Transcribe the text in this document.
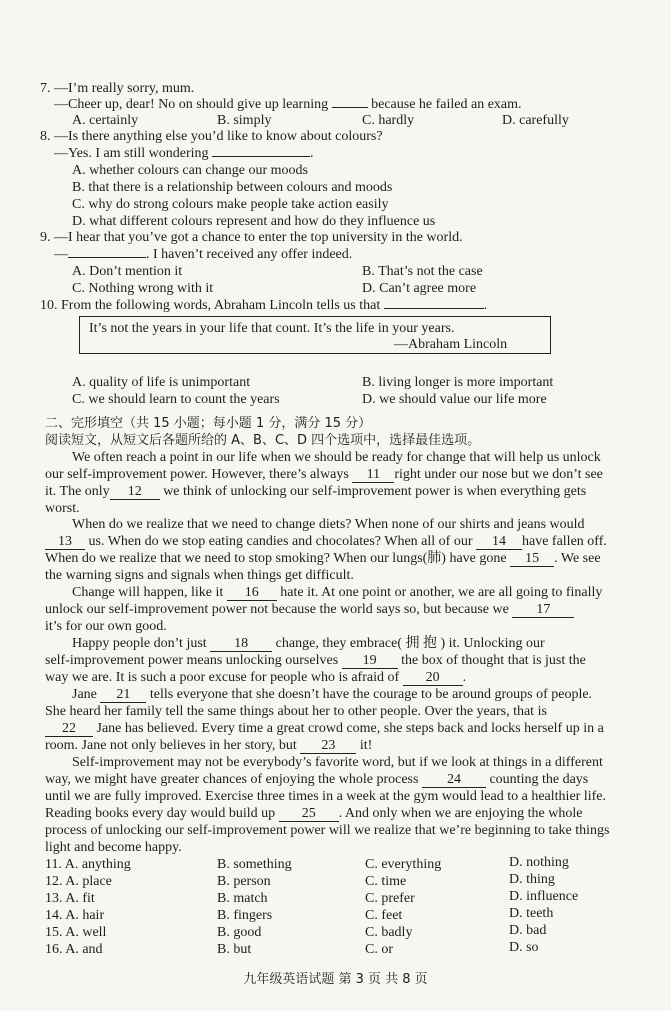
7. —I’m really sorry, mum.
—Cheer up, dear! No on should give up learning	because he failed an exam.
A. certainly	B. simply	C. hardly	D. carefully
8. —Is there anything else you’d like to know about colours?
—Yes. I am still wondering	.
A. whether colours can change our moods
B. that there is a relationship between colours and moods
C. why do strong colours make people take action easily
D. what different colours represent and how do they influence us
9. —I hear that you’ve got a chance to enter the top university in the world.
—	. I haven’t received any offer indeed.
A. Don’t mention it	B. That’s not the case
C. Nothing wrong with it	D. Can’t agree more
10. From the following words, Abraham Lincoln tells us that	.
It’s not the years in your life that count. It’s the life in your years.
—Abraham Lincoln
A. quality of life is unimportant	B. living longer is more important
C. we should learn to count the years	D. we should value our life more
二、完形填空（共 15 小题；每小题 1 分，满分 15 分）
阅读短文，从短文后各题所给的 A、B、C、D 四个选项中，选择最佳选项。
We often reach a point in our life when we should be ready for change that will help us unlock
our self-improvement power. However, there’s always 11 right under our nose but we don’t see
it. The only 12 we think of unlocking our self-improvement power is when everything gets
worst.
When do we realize that we need to change diets? When none of our shirts and jeans would
13 us. When do we stop eating candies and chocolates? When all of our 14 have fallen off.
When do we realize that we need to stop smoking? When our lungs(肺) have gone 15 . We see
the warning signs and signals when things get difficult.
Change will happen, like it 16 hate it. At one point or another, we are all going to finally
unlock our self-improvement power not because the world says so, but because we 17
it’s for our own good.
Happy people don’t just 18 change, they embrace( 拥 抱 ) it. Unlocking our
self-improvement power means unlocking ourselves 19 the box of thought that is just the
way we are. It is such a poor excuse for people who is afraid of 20 .
Jane 21 tells everyone that she doesn’t have the courage to be around groups of people.
She heard her family tell the same things about her to other people. Over the years, that is
22 Jane has believed. Every time a great crowd come, she steps back and locks herself up in a
room. Jane not only believes in her story, but 23 it!
Self-improvement may not be everybody’s favorite word, but if we look at things in a different
way, we might have greater chances of enjoying the whole process 24 counting the days
until we are fully improved. Exercise three times in a week at the gym would lead to a healthier life.
Reading books every day would build up 25 . And only when we are enjoying the whole
process of unlocking our self-improvement power will we realize that we’re beginning to take things
light and become happy.
11. A. anything	B. something	C. everything	D. nothing
12. A. place	B. person	C. time	D. thing
13. A. fit	B. match	C. prefer	D. influence
14. A. hair	B. fingers	C. feet	D. teeth
15. A. well	B. good	C. badly	D. bad
16. A. and	B. but	C. or	D. so
九年级英语试题 第 3 页 共 8 页
